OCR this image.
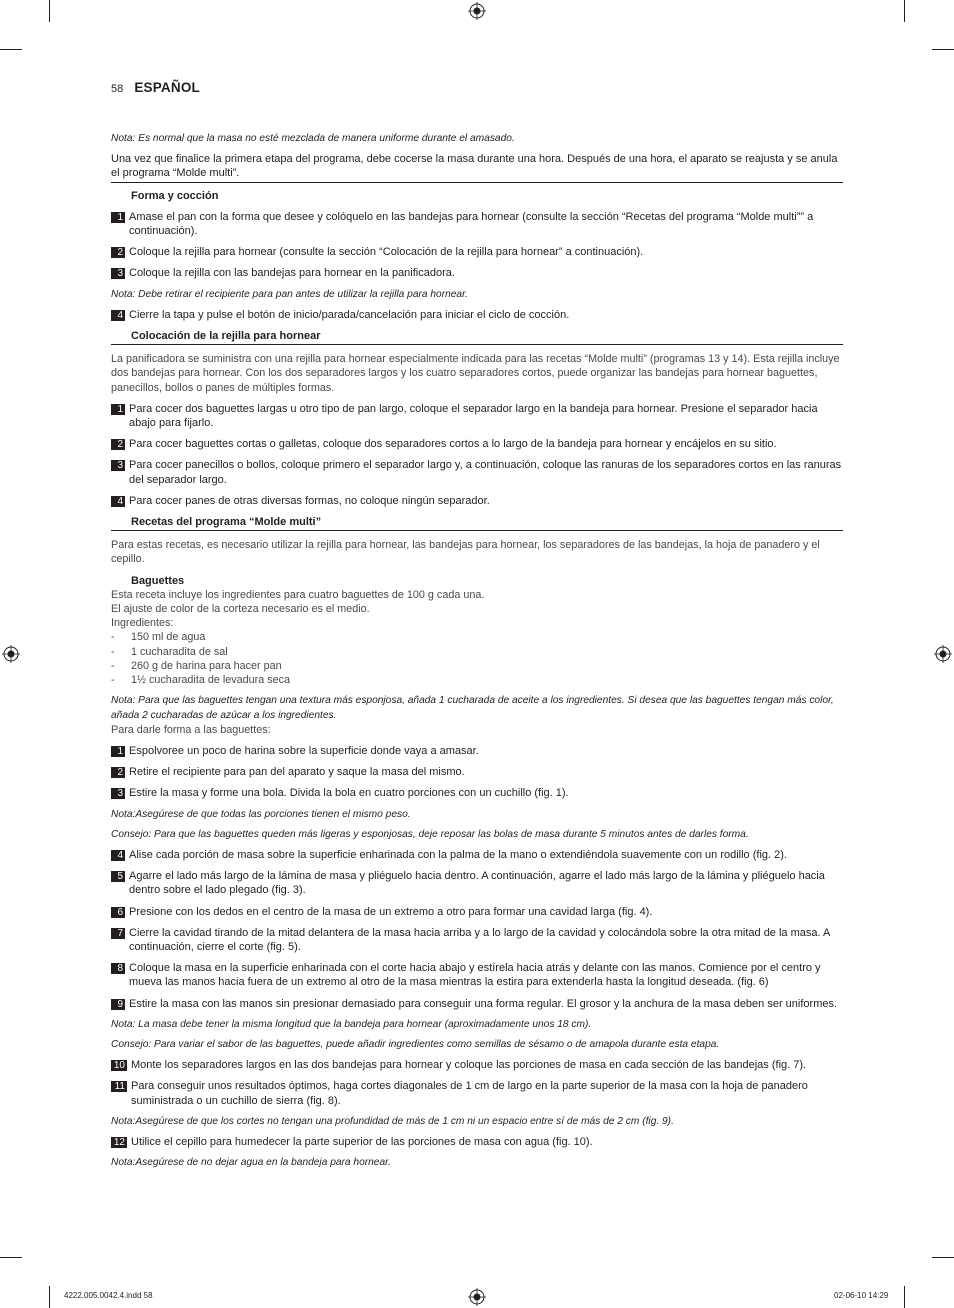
58 ESPAÑOL
Nota: Es normal que la masa no esté mezclada de manera uniforme durante el amasado.
Una vez que finalice la primera etapa del programa, debe cocerse la masa durante una hora. Después de una hora, el aparato se reajusta y se anula el programa “Molde multi”.
Forma y cocción
1 Amase el pan con la forma que desee y colóquelo en las bandejas para hornear (consulte la sección “Recetas del programa “Molde multi”” a continuación).
2 Coloque la rejilla para hornear (consulte la sección “Colocación de la rejilla para hornear” a continuación).
3 Coloque la rejilla con las bandejas para hornear en la panificadora.
Nota: Debe retirar el recipiente para pan antes de utilizar la rejilla para hornear.
4 Cierre la tapa y pulse el botón de inicio/parada/cancelación para iniciar el ciclo de cocción.
Colocación de la rejilla para hornear
La panificadora se suministra con una rejilla para hornear especialmente indicada para las recetas “Molde multi” (programas 13 y 14). Esta rejilla incluye dos bandejas para hornear. Con los dos separadores largos y los cuatro separadores cortos, puede organizar las bandejas para hornear baguettes, panecillos, bollos o panes de múltiples formas.
1 Para cocer dos baguettes largas u otro tipo de pan largo, coloque el separador largo en la bandeja para hornear. Presione el separador hacia abajo para fijarlo.
2 Para cocer baguettes cortas o galletas, coloque dos separadores cortos a lo largo de la bandeja para hornear y encájelos en su sitio.
3 Para cocer panecillos o bollos, coloque primero el separador largo y, a continuación, coloque las ranuras de los separadores cortos en las ranuras del separador largo.
4 Para cocer panes de otras diversas formas, no coloque ningún separador.
Recetas del programa “Molde multi”
Para estas recetas, es necesario utilizar la rejilla para hornear, las bandejas para hornear, los separadores de las bandejas, la hoja de panadero y el cepillo.
Baguettes
Esta receta incluye los ingredientes para cuatro baguettes de 100 g cada una.
El ajuste de color de la corteza necesario es el medio.
Ingredientes:
-	150 ml de agua
-	1 cucharadita de sal
-	260 g de harina para hacer pan
-	1½ cucharadita de levadura seca
Nota: Para que las baguettes tengan una textura más esponjosa, añada 1 cucharada de aceite a los ingredientes. Si desea que las baguettes tengan más color, añada 2 cucharadas de azúcar a los ingredientes.
Para darle forma a las baguettes:
1 Espolvoree un poco de harina sobre la superficie donde vaya a amasar.
2 Retire el recipiente para pan del aparato y saque la masa del mismo.
3 Estire la masa y forme una bola. Divida la bola en cuatro porciones con un cuchillo (fig. 1).
Nota:Asegúrese de que todas las porciones tienen el mismo peso.
Consejo: Para que las baguettes queden más ligeras y esponjosas, deje reposar las bolas de masa durante 5 minutos antes de darles forma.
4 Alise cada porción de masa sobre la superficie enharinada con la palma de la mano o extendiéndola suavemente con un rodillo (fig. 2).
5 Agarre el lado más largo de la lámina de masa y pliéguelo hacia dentro. A continuación, agarre el lado más largo de la lámina y pliéguelo hacia dentro sobre el lado plegado (fig. 3).
6 Presione con los dedos en el centro de la masa de un extremo a otro para formar una cavidad larga (fig. 4).
7 Cierre la cavidad tirando de la mitad delantera de la masa hacia arriba y a lo largo de la cavidad y colocándola sobre la otra mitad de la masa. A continuación, cierre el corte (fig. 5).
8 Coloque la masa en la superficie enharinada con el corte hacia abajo y estírela hacia atrás y delante con las manos. Comience por el centro y mueva las manos hacia fuera de un extremo al otro de la masa mientras la estira para extenderla hasta la longitud deseada. (fig. 6)
9 Estire la masa con las manos sin presionar demasiado para conseguir una forma regular. El grosor y la anchura de la masa deben ser uniformes.
Nota: La masa debe tener la misma longitud que la bandeja para hornear (aproximadamente unos 18 cm).
Consejo: Para variar el sabor de las baguettes, puede añadir ingredientes como semillas de sésamo o de amapola durante esta etapa.
10 Monte los separadores largos en las dos bandejas para hornear y coloque las porciones de masa en cada sección de las bandejas (fig. 7).
11 Para conseguir unos resultados óptimos, haga cortes diagonales de 1 cm de largo en la parte superior de la masa con la hoja de panadero suministrada o un cuchillo de sierra (fig. 8).
Nota:Asegúrese de que los cortes no tengan una profundidad de más de 1 cm ni un espacio entre sí de más de 2 cm (fig. 9).
12 Utilice el cepillo para humedecer la parte superior de las porciones de masa con agua (fig. 10).
Nota:Asegúrese de no dejar agua en la bandeja para hornear.
4222.005.0042.4.indd 58	02-06-10 14:29
